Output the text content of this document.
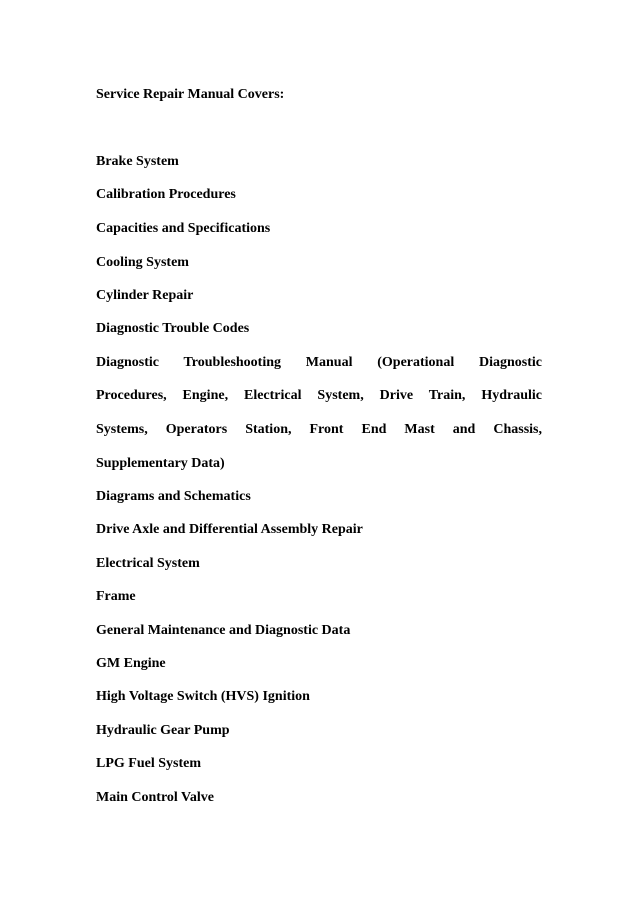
Service Repair Manual Covers:
Brake System
Calibration Procedures
Capacities and Specifications
Cooling System
Cylinder Repair
Diagnostic Trouble Codes
Diagnostic Troubleshooting Manual (Operational Diagnostic
Procedures, Engine, Electrical System, Drive Train, Hydraulic
Systems, Operators Station, Front End Mast and Chassis,
Supplementary Data)
Diagrams and Schematics
Drive Axle and Differential Assembly Repair
Electrical System
Frame
General Maintenance and Diagnostic Data
GM Engine
High Voltage Switch (HVS) Ignition
Hydraulic Gear Pump
LPG Fuel System
Main Control Valve
